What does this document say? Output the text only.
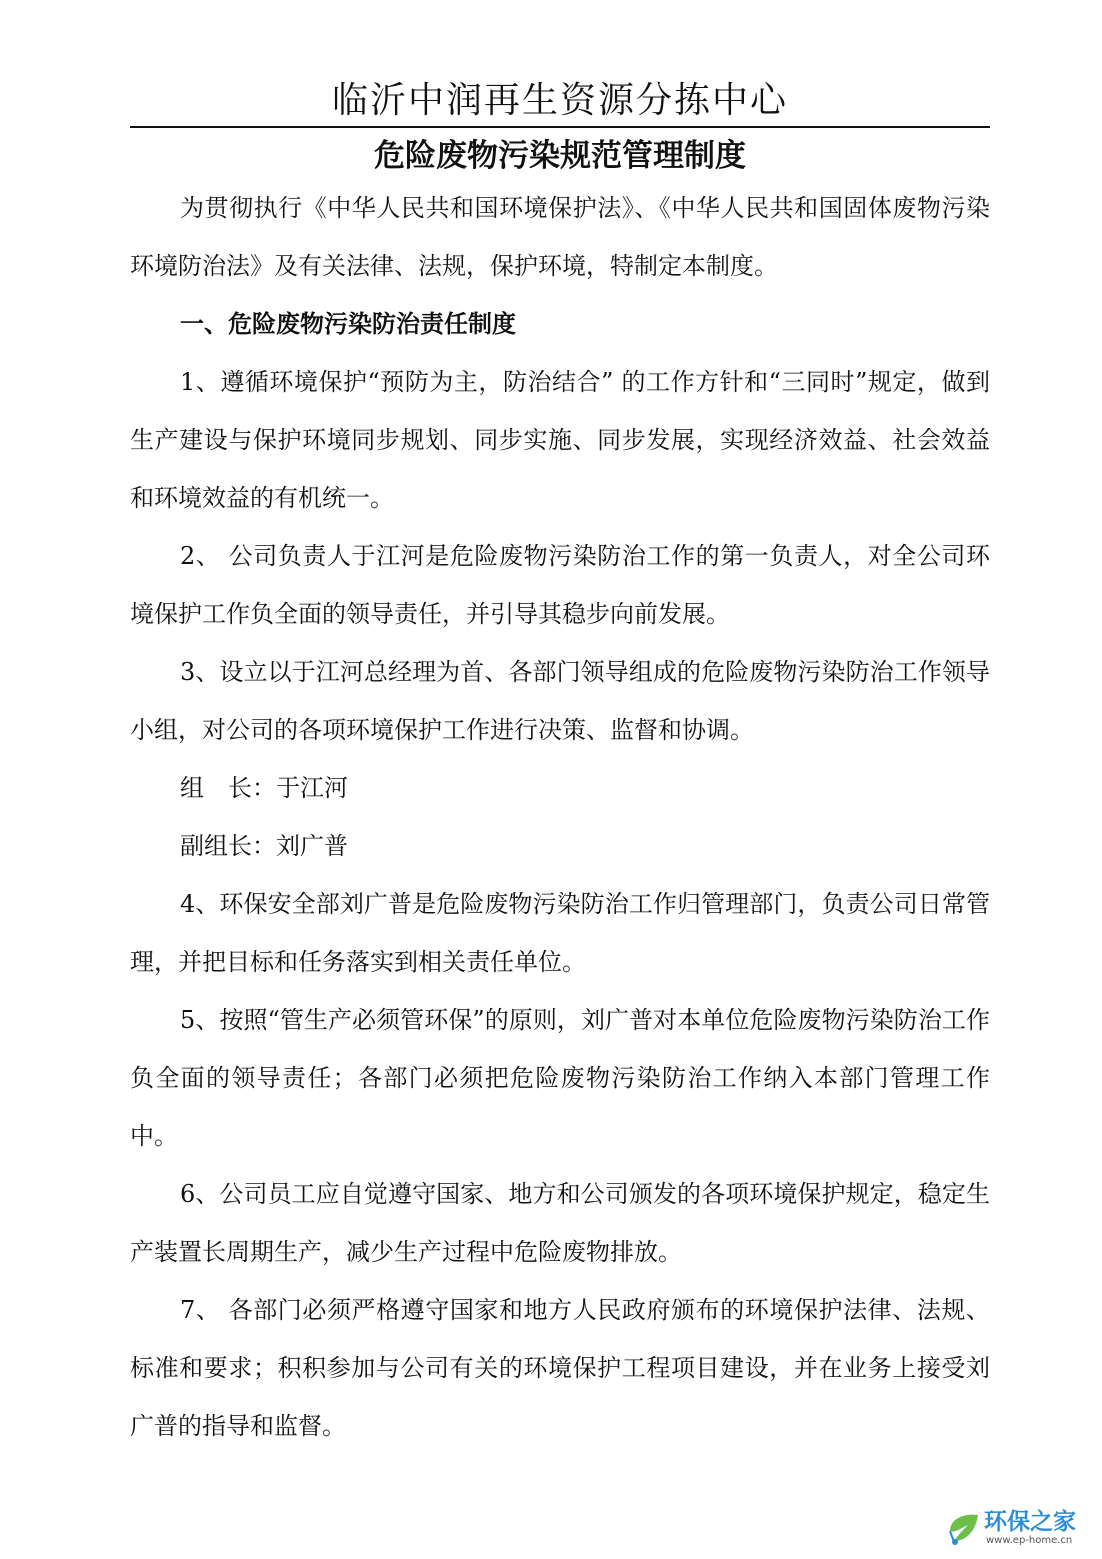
临沂中润再生资源分拣中心
危险废物污染规范管理制度

为贯彻执行《中华人民共和国环境保护法》、《中华人民共和国固体废物污染环境防治法》及有关法律、法规，保护环境，特制定本制度。

一、危险废物污染防治责任制度

1、遵循环境保护“预防为主，防治结合” 的工作方针和“三同时”规定，做到生产建设与保护环境同步规划、同步实施、同步发展，实现经济效益、社会效益和环境效益的有机统一。

2、 公司负责人于江河是危险废物污染防治工作的第一负责人，对全公司环境保护工作负全面的领导责任，并引导其稳步向前发展。

3、设立以于江河总经理为首、各部门领导组成的危险废物污染防治工作领导小组，对公司的各项环境保护工作进行决策、监督和协调。

组　长：于江河

副组长：刘广普

4、环保安全部刘广普是危险废物污染防治工作归管理部门，负责公司日常管理，并把目标和任务落实到相关责任单位。

5、按照“管生产必须管环保”的原则，刘广普对本单位危险废物污染防治工作负全面的领导责任；各部门必须把危险废物污染防治工作纳入本部门管理工作中。

6、公司员工应自觉遵守国家、地方和公司颁发的各项环境保护规定，稳定生产装置长周期生产，减少生产过程中危险废物排放。

7、 各部门必须严格遵守国家和地方人民政府颁布的环境保护法律、法规、标准和要求；积积参加与公司有关的环境保护工程项目建设，并在业务上接受刘广普的指导和监督。

环保之家
www.ep-home.cn
